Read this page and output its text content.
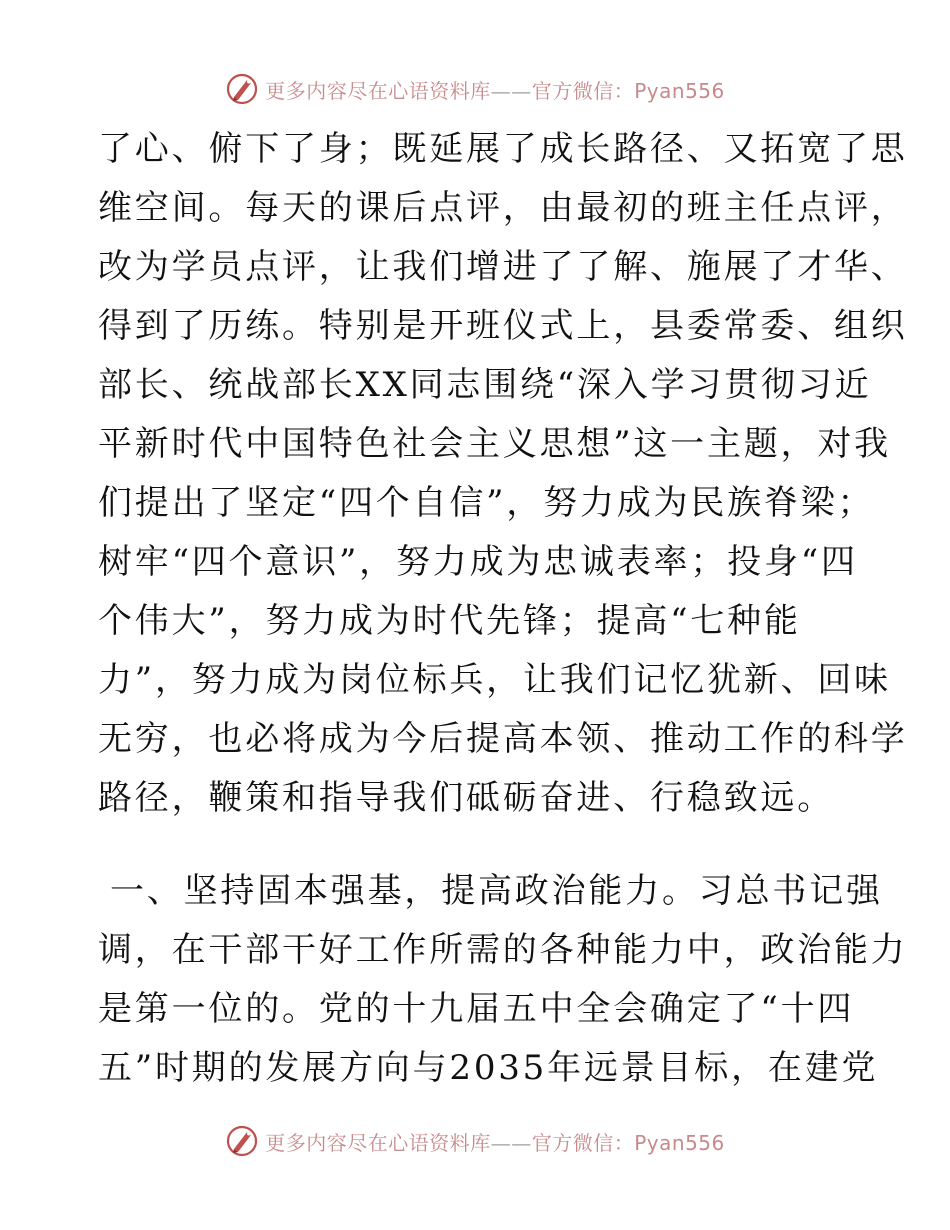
更多内容尽在心语资料库——官方微信：Pyan556
了心、俯下了身；既延展了成长路径、又拓宽了思
维空间。每天的课后点评，由最初的班主任点评，
改为学员点评，让我们增进了了解、施展了才华、
得到了历练。特别是开班仪式上，县委常委、组织
部长、统战部长XX同志围绕“深入学习贯彻习近
平新时代中国特色社会主义思想”这一主题，对我
们提出了坚定“四个自信”，努力成为民族脊梁；
树牢“四个意识”，努力成为忠诚表率；投身“四
个伟大”，努力成为时代先锋；提高“七种能
力”，努力成为岗位标兵，让我们记忆犹新、回味
无穷，也必将成为今后提高本领、推动工作的科学
路径，鞭策和指导我们砥砺奋进、行稳致远。
一、坚持固本强基，提高政治能力。习总书记强
调，在干部干好工作所需的各种能力中，政治能力
是第一位的。党的十九届五中全会确定了“十四
五”时期的发展方向与2035年远景目标，在建党
更多内容尽在心语资料库——官方微信：Pyan556
